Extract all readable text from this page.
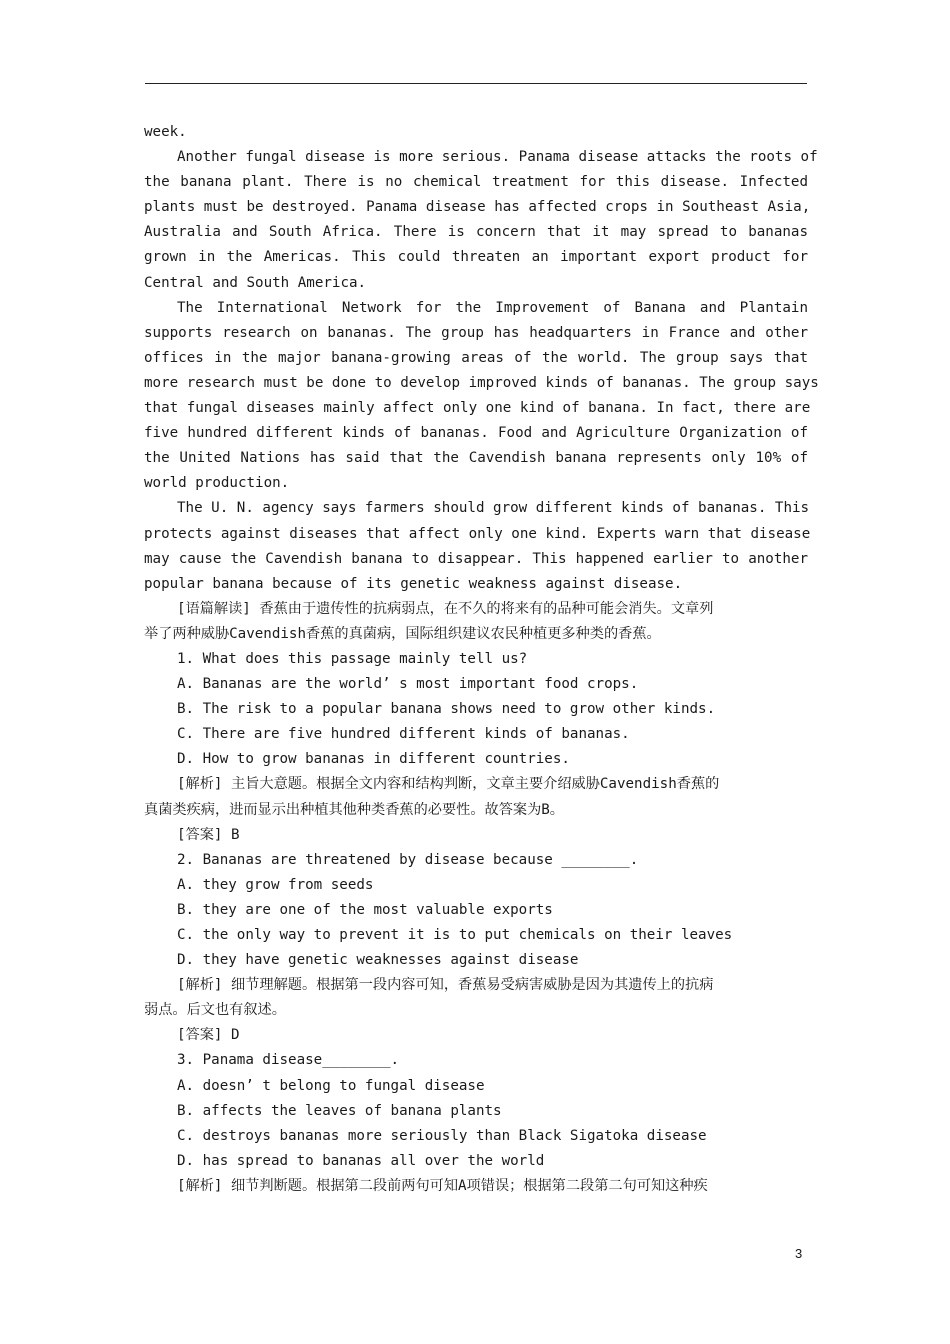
week.
Another fungal disease is more serious. Panama disease attacks the roots of
the banana plant. There is no chemical treatment for this disease. Infected
plants must be destroyed. Panama disease has affected crops in Southeast Asia,
Australia and South Africa. There is concern that it may spread to bananas
grown in the Americas. This could threaten an important export product for
Central and South America.
The International Network for the Improvement of Banana and Plantain
supports research on bananas. The group has headquarters in France and other
offices in the major banana-growing areas of the world. The group says that
more research must be done to develop improved kinds of bananas. The group says
that fungal diseases mainly affect only one kind of banana. In fact, there are
five hundred different kinds of bananas. Food and Agriculture Organization of
the United Nations has said that the Cavendish banana represents only 10% of
world production.
The U. N. agency says farmers should grow different kinds of bananas. This
protects against diseases that affect only one kind. Experts warn that disease
may cause the Cavendish banana to disappear. This happened earlier to another
popular banana because of its genetic weakness against disease.
[语篇解读] 香蕉由于遗传性的抗病弱点，在不久的将来有的品种可能会消失。文章列
举了两种威胁Cavendish香蕉的真菌病，国际组织建议农民种植更多种类的香蕉。
1. What does this passage mainly tell us?
A. Bananas are the world’ s most important food crops.
B. The risk to a popular banana shows need to grow other kinds.
C. There are five hundred different kinds of bananas.
D. How to grow bananas in different countries.
[解析] 主旨大意题。根据全文内容和结构判断，文章主要介绍威胁Cavendish香蕉的
真菌类疾病，进而显示出种植其他种类香蕉的必要性。故答案为B。
[答案] B
2. Bananas are threatened by disease because ________.
A. they grow from seeds
B. they are one of the most valuable exports
C. the only way to prevent it is to put chemicals on their leaves
D. they have genetic weaknesses against disease
[解析] 细节理解题。根据第一段内容可知，香蕉易受病害威胁是因为其遗传上的抗病
弱点。后文也有叙述。
[答案] D
3. Panama disease________.
A. doesn’ t belong to fungal disease
B. affects the leaves of banana plants
C. destroys bananas more seriously than Black Sigatoka disease
D. has spread to bananas all over the world
[解析] 细节判断题。根据第二段前两句可知A项错误；根据第二段第二句可知这种疾
3
